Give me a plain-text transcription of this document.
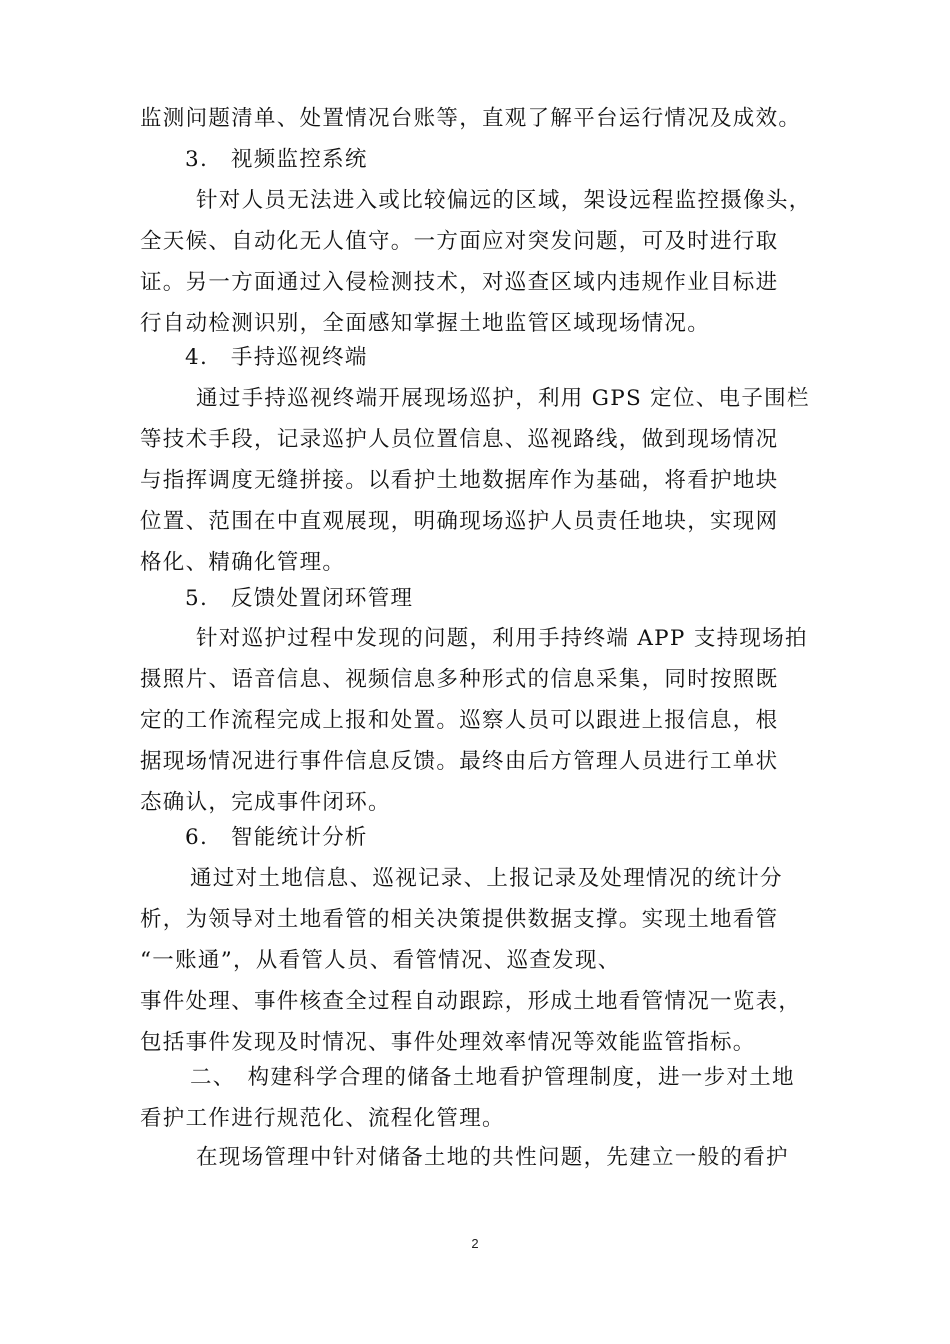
监测问题清单、处置情况台账等，直观了解平台运行情况及成效。
3.　视频监控系统
针对人员无法进入或比较偏远的区域，架设远程监控摄像头，
全天候、自动化无人值守。一方面应对突发问题，可及时进行取
证。另一方面通过入侵检测技术，对巡查区域内违规作业目标进
行自动检测识别，全面感知掌握土地监管区域现场情况。
4.　手持巡视终端
通过手持巡视终端开展现场巡护，利用 GPS 定位、电子围栏
等技术手段，记录巡护人员位置信息、巡视路线，做到现场情况
与指挥调度无缝拼接。以看护土地数据库作为基础，将看护地块
位置、范围在中直观展现，明确现场巡护人员责任地块，实现网
格化、精确化管理。
5.　反馈处置闭环管理
针对巡护过程中发现的问题，利用手持终端 APP 支持现场拍
摄照片、语音信息、视频信息多种形式的信息采集，同时按照既
定的工作流程完成上报和处置。巡察人员可以跟进上报信息，根
据现场情况进行事件信息反馈。最终由后方管理人员进行工单状
态确认，完成事件闭环。
6.　智能统计分析
通过对土地信息、巡视记录、上报记录及处理情况的统计分
析，为领导对土地看管的相关决策提供数据支撑。实现土地看管
“一账通”，从看管人员、看管情况、巡查发现、
事件处理、事件核查全过程自动跟踪，形成土地看管情况一览表，
包括事件发现及时情况、事件处理效率情况等效能监管指标。
二、　构建科学合理的储备土地看护管理制度，进一步对土地
看护工作进行规范化、流程化管理。
在现场管理中针对储备土地的共性问题，先建立一般的看护
2
